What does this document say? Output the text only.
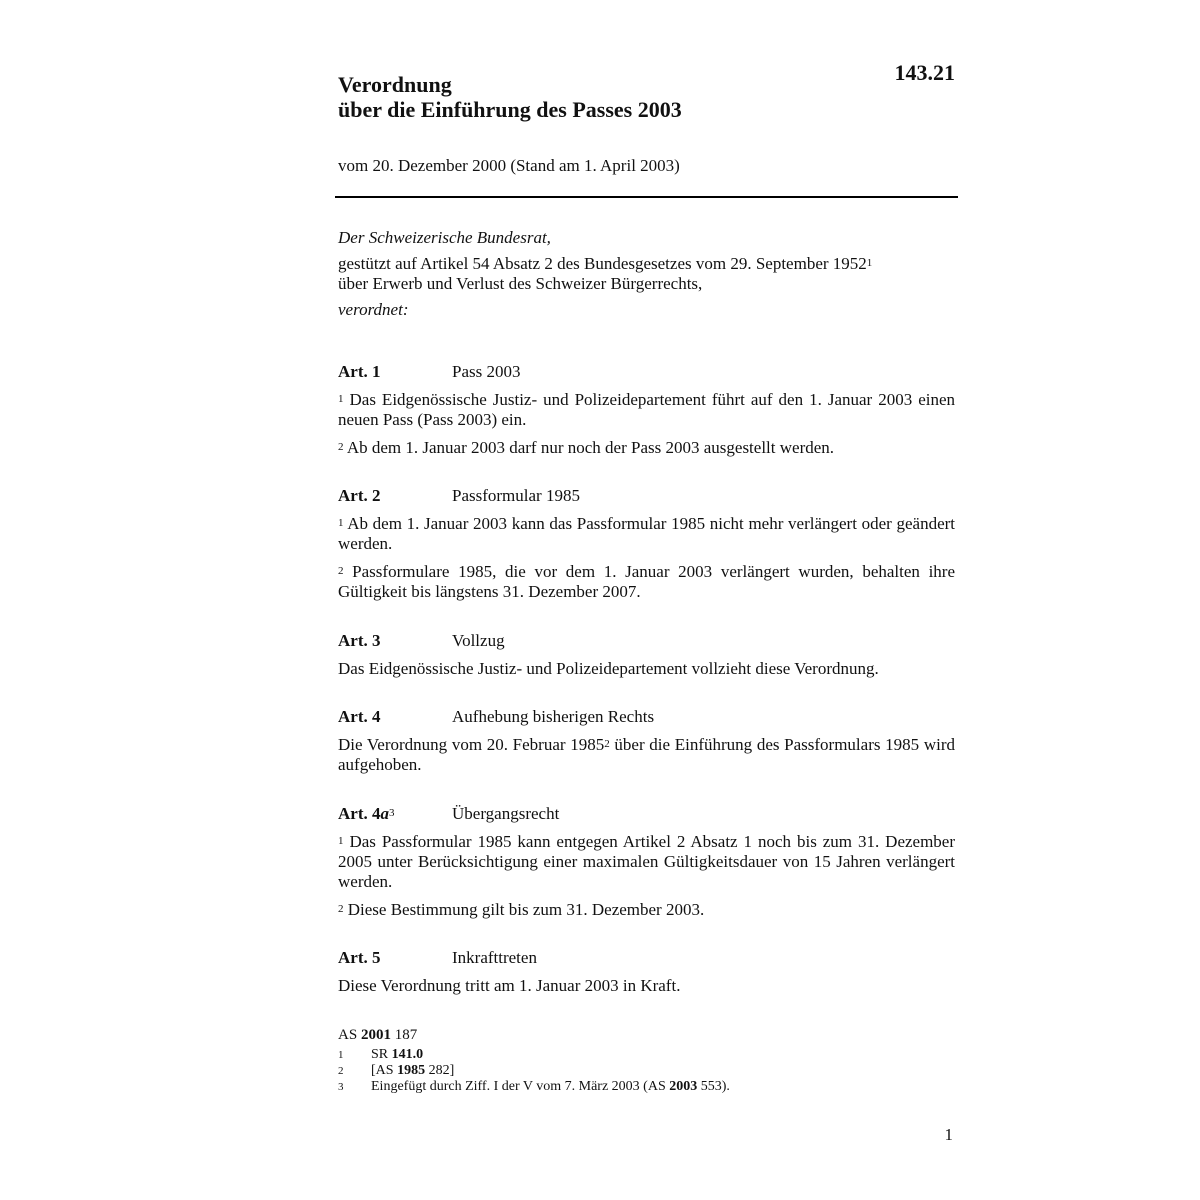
143.21
Verordnung
über die Einführung des Passes 2003
vom 20. Dezember 2000 (Stand am 1. April 2003)
Der Schweizerische Bundesrat,
gestützt auf Artikel 54 Absatz 2 des Bundesgesetzes vom 29. September 1952$^1$
über Erwerb und Verlust des Schweizer Bürgerrechts,
verordnet:
Art. 1	Pass 2003
$^1$ Das Eidgenössische Justiz- und Polizeidepartement führt auf den 1. Januar 2003 einen neuen Pass (Pass 2003) ein.
$^2$ Ab dem 1. Januar 2003 darf nur noch der Pass 2003 ausgestellt werden.
Art. 2	Passformular 1985
$^1$ Ab dem 1. Januar 2003 kann das Passformular 1985 nicht mehr verlängert oder geändert werden.
$^2$ Passformulare 1985, die vor dem 1. Januar 2003 verlängert wurden, behalten ihre Gültigkeit bis längstens 31. Dezember 2007.
Art. 3	Vollzug
Das Eidgenössische Justiz- und Polizeidepartement vollzieht diese Verordnung.
Art. 4	Aufhebung bisherigen Rechts
Die Verordnung vom 20. Februar 1985$^2$ über die Einführung des Passformulars 1985 wird aufgehoben.
Art. $4a^3$	Übergangsrecht
$^1$ Das Passformular 1985 kann entgegen Artikel 2 Absatz 1 noch bis zum 31. Dezember 2005 unter Berücksichtigung einer maximalen Gültigkeitsdauer von 15 Jahren verlängert werden.
$^2$ Diese Bestimmung gilt bis zum 31. Dezember 2003.
Art. 5	Inkrafttreten
Diese Verordnung tritt am 1. Januar 2003 in Kraft.
AS 2001 187
1 SR 141.0
2 [AS 1985 282]
3 Eingefügt durch Ziff. I der V vom 7. März 2003 (AS 2003 553).
1
